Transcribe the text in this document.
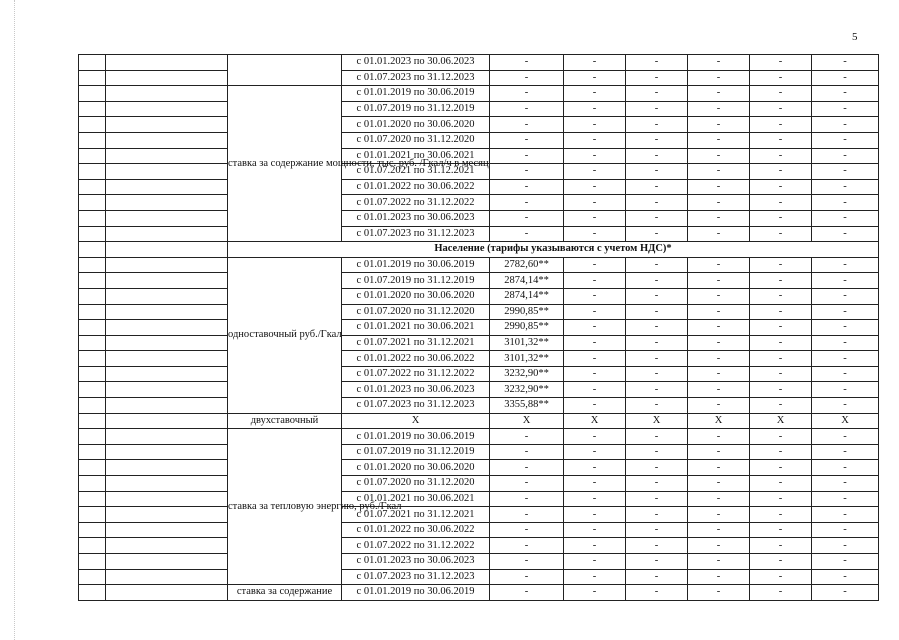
5
			с 01.01.2023 по 30.06.2023	-	-	-	-	-	-	
			с 01.07.2023 по 31.12.2023	-	-	-	-	-	-	
		ставка за содержание мощности, тыс. руб. /Гкал/ч в месяц	с 01.01.2019 по 30.06.2019	-	-	-	-	-	-	
			с 01.07.2019 по 31.12.2019	-	-	-	-	-	-	
			с 01.01.2020 по 30.06.2020	-	-	-	-	-	-	
			с 01.07.2020 по 31.12.2020	-	-	-	-	-	-	
			с 01.01.2021 по 30.06.2021	-	-	-	-	-	-	
			с 01.07.2021 по 31.12.2021	-	-	-	-	-	-	
			с 01.01.2022 по 30.06.2022	-	-	-	-	-	-	
			с 01.07.2022 по 31.12.2022	-	-	-	-	-	-	
			с 01.01.2023 по 30.06.2023	-	-	-	-	-	-	
			с 01.07.2023 по 31.12.2023	-	-	-	-	-	-	
		Население (тарифы указываются с учетом НДС)*								
		одноставочный руб./Гкал	с 01.01.2019 по 30.06.2019	2782,60**	-	-	-	-	-	
			с 01.07.2019 по 31.12.2019	2874,14**	-	-	-	-	-	
			с 01.01.2020 по 30.06.2020	2874,14**	-	-	-	-	-	
			с 01.07.2020 по 31.12.2020	2990,85**	-	-	-	-	-	
			с 01.01.2021 по 30.06.2021	2990,85**	-	-	-	-	-	
			с 01.07.2021 по 31.12.2021	3101,32**	-	-	-	-	-	
			с 01.01.2022 по 30.06.2022	3101,32**	-	-	-	-	-	
			с 01.07.2022 по 31.12.2022	3232,90**	-	-	-	-	-	
			с 01.01.2023 по 30.06.2023	3232,90**	-	-	-	-	-	
			с 01.07.2023 по 31.12.2023	3355,88**	-	-	-	-	-	
		двухставочный	X	X	X	X	X	X	X	
		ставка за тепловую энергию, руб./Гкал	с 01.01.2019 по 30.06.2019	-	-	-	-	-	-	
			с 01.07.2019 по 31.12.2019	-	-	-	-	-	-	
			с 01.01.2020 по 30.06.2020	-	-	-	-	-	-	
			с 01.07.2020 по 31.12.2020	-	-	-	-	-	-	
			с 01.01.2021 по 30.06.2021	-	-	-	-	-	-	
			с 01.07.2021 по 31.12.2021	-	-	-	-	-	-	
			с 01.01.2022 по 30.06.2022	-	-	-	-	-	-	
			с 01.07.2022 по 31.12.2022	-	-	-	-	-	-	
			с 01.01.2023 по 30.06.2023	-	-	-	-	-	-	
			с 01.07.2023 по 31.12.2023	-	-	-	-	-	-	
		ставка за содержание	с 01.01.2019 по 30.06.2019	-	-	-	-	-	-	
